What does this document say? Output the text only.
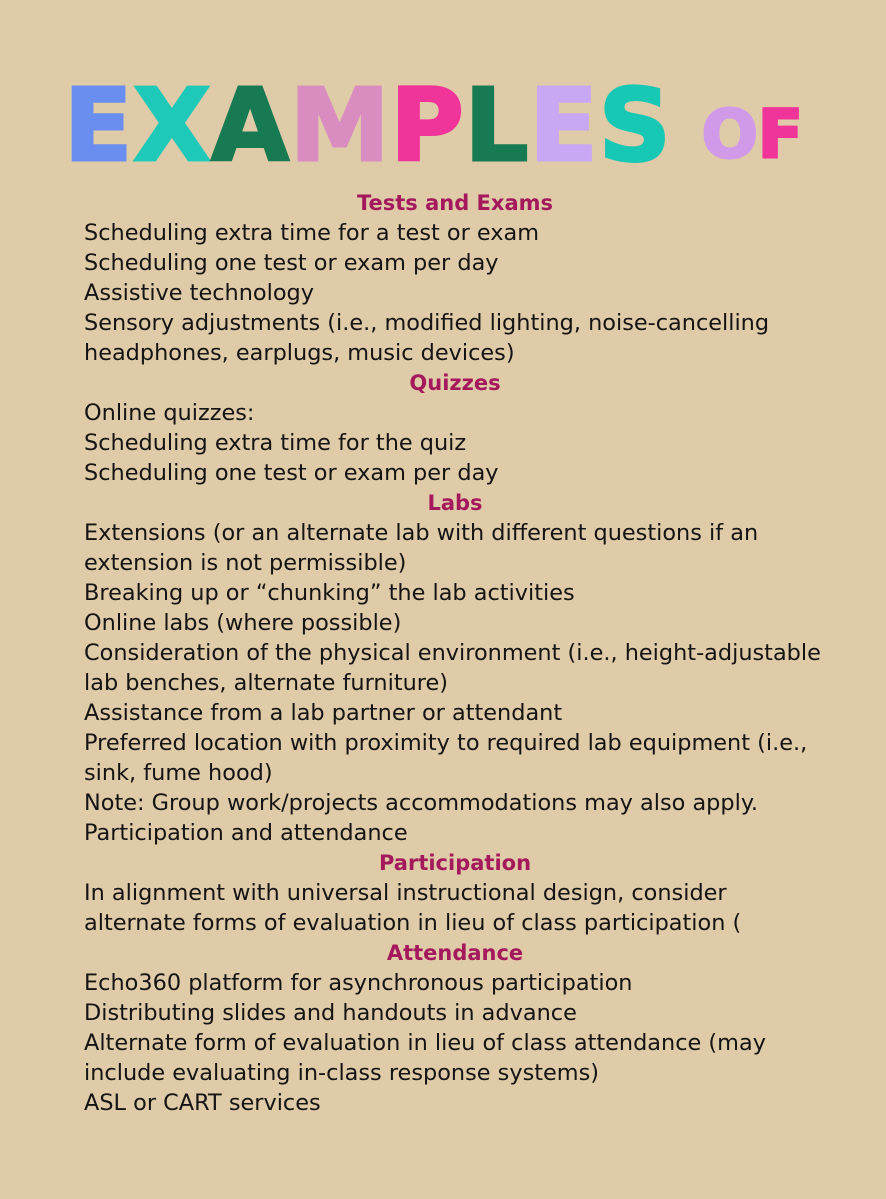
E X A M P L E S O F
Tests and Exams
Scheduling extra time for a test or exam
Scheduling one test or exam per day
Assistive technology
Sensory adjustments (i.e., modified lighting, noise-cancelling
headphones, earplugs, music devices)
Quizzes
Online quizzes:
Scheduling extra time for the quiz
Scheduling one test or exam per day
Labs
Extensions (or an alternate lab with different questions if an
extension is not permissible)
Breaking up or “chunking” the lab activities
Online labs (where possible)
Consideration of the physical environment (i.e., height-adjustable
lab benches, alternate furniture)
Assistance from a lab partner or attendant
Preferred location with proximity to required lab equipment (i.e.,
sink, fume hood)
Note: Group work/projects accommodations may also apply.
Participation and attendance
Participation
In alignment with universal instructional design, consider
alternate forms of evaluation in lieu of class participation (
Attendance
Echo360 platform for asynchronous participation
Distributing slides and handouts in advance
Alternate form of evaluation in lieu of class attendance (may
include evaluating in-class response systems)
ASL or CART services
